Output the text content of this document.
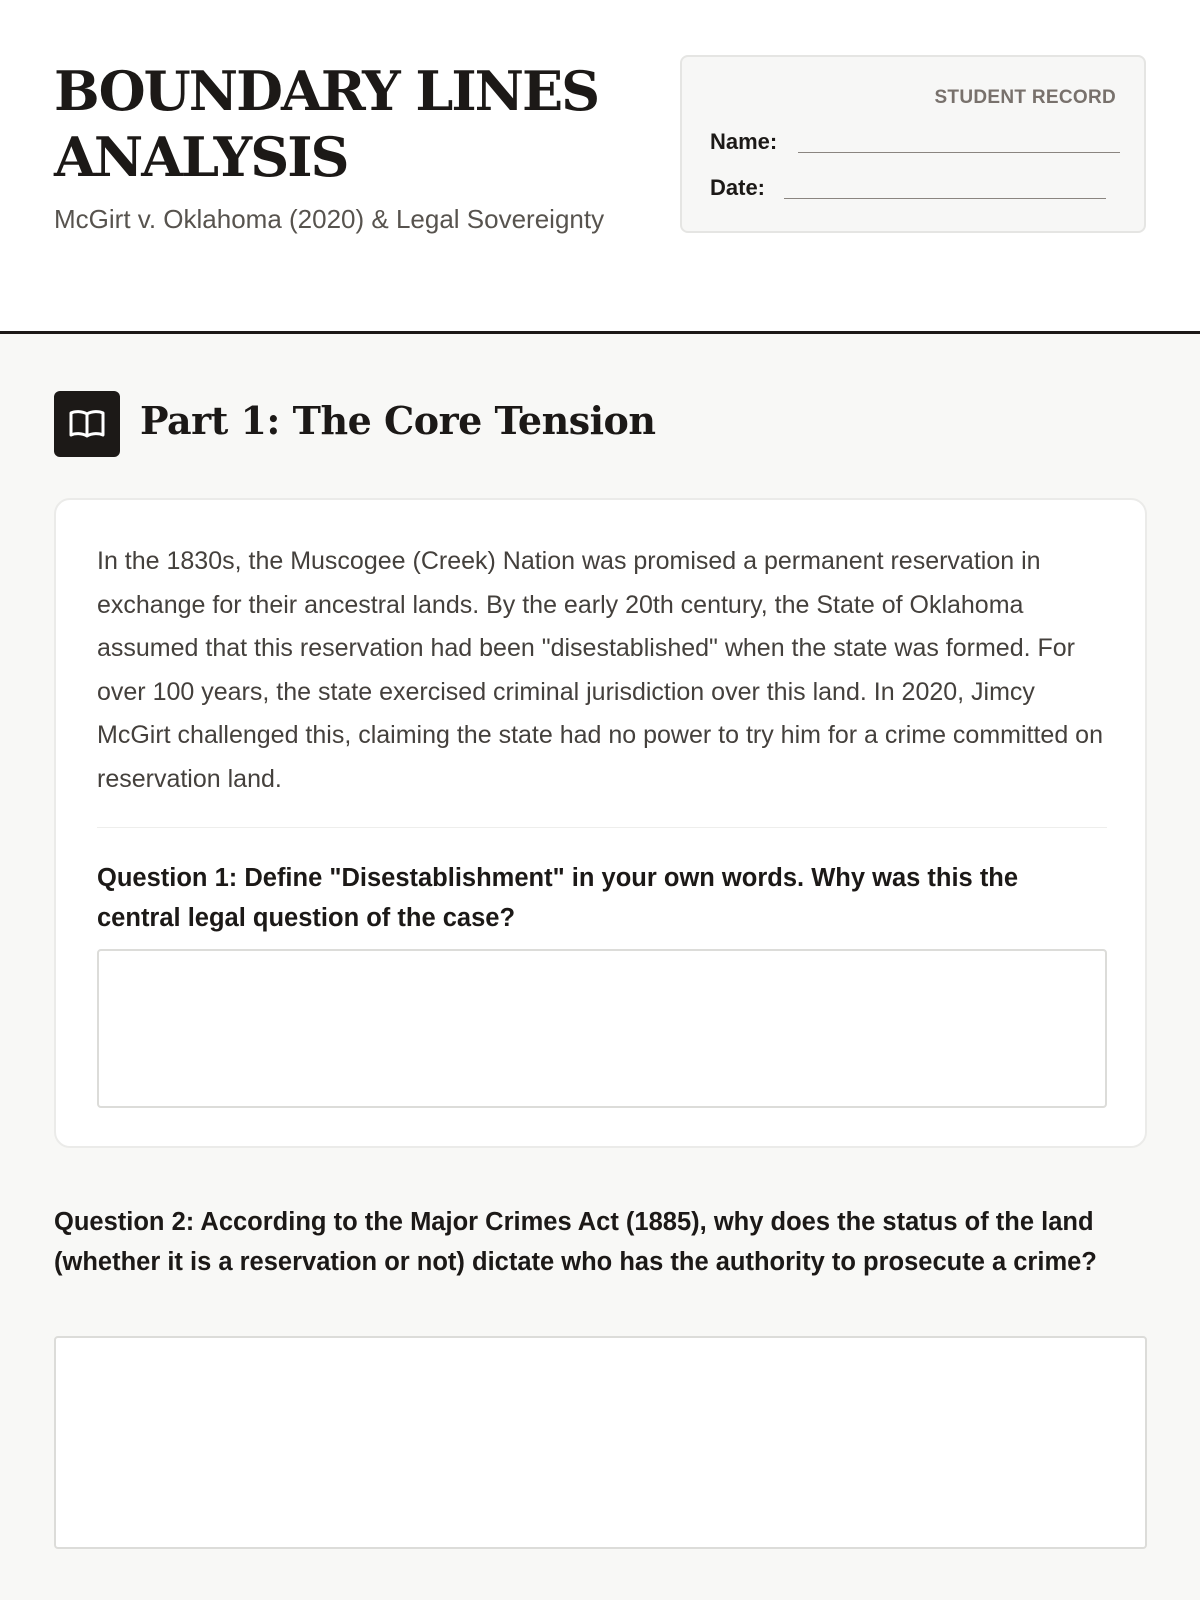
BOUNDARY LINES
ANALYSIS
McGirt v. Oklahoma (2020) & Legal Sovereignty
STUDENT RECORD
Name:
Date:
Part 1: The Core Tension

In the 1830s, the Muscogee (Creek) Nation was promised a permanent reservation in exchange for their ancestral lands. By the early 20th century, the State of Oklahoma assumed that this reservation had been "disestablished" when the state was formed. For over 100 years, the state exercised criminal jurisdiction over this land. In 2020, Jimcy McGirt challenged this, claiming the state had no power to try him for a crime committed on reservation land.

Question 1: Define "Disestablishment" in your own words. Why was this the central legal question of the case?

Question 2: According to the Major Crimes Act (1885), why does the status of the land (whether it is a reservation or not) dictate who has the authority to prosecute a crime?
